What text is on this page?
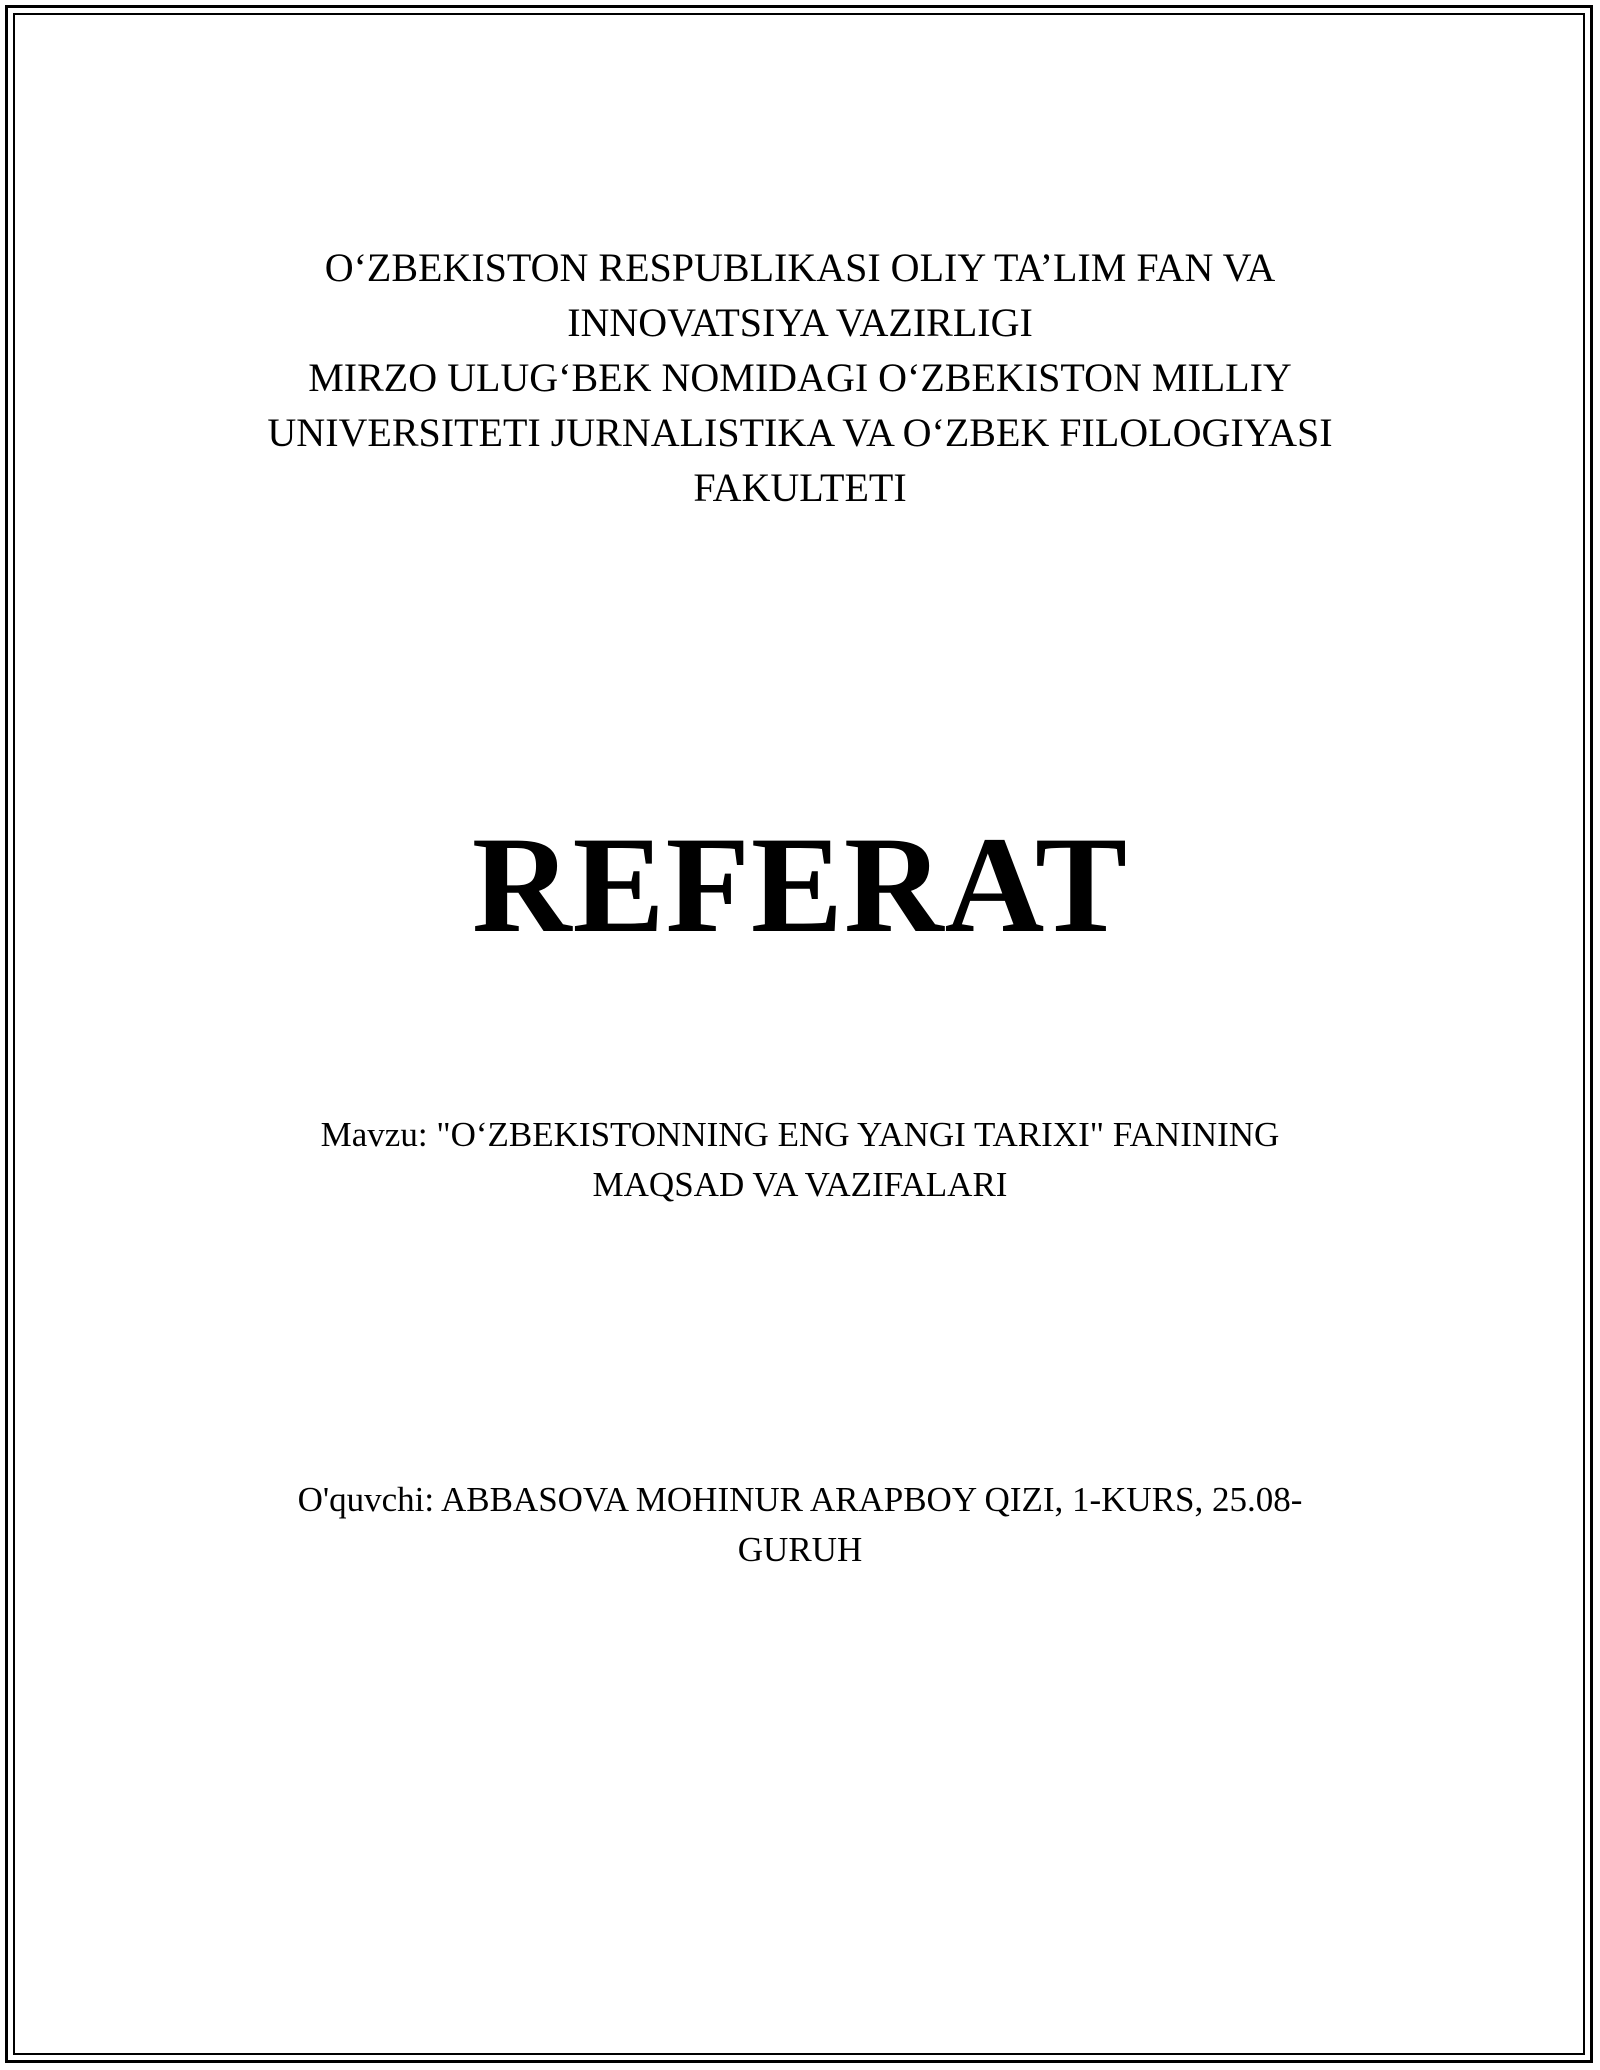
O‘ZBEKISTON RESPUBLIKASI OLIY TA’LIM FAN VA
INNOVATSIYA VAZIRLIGI
MIRZO ULUG‘BEK NOMIDAGI O‘ZBEKISTON MILLIY
UNIVERSITETI JURNALISTIKA VA O‘ZBEK FILOLOGIYASI
FAKULTETI
REFERAT
Mavzu: "O‘ZBEKISTONNING ENG YANGI TARIXI" FANINING
MAQSAD VA VAZIFALARI
O'quvchi: ABBASOVA MOHINUR ARAPBOY QIZI, 1-KURS, 25.08-
GURUH
